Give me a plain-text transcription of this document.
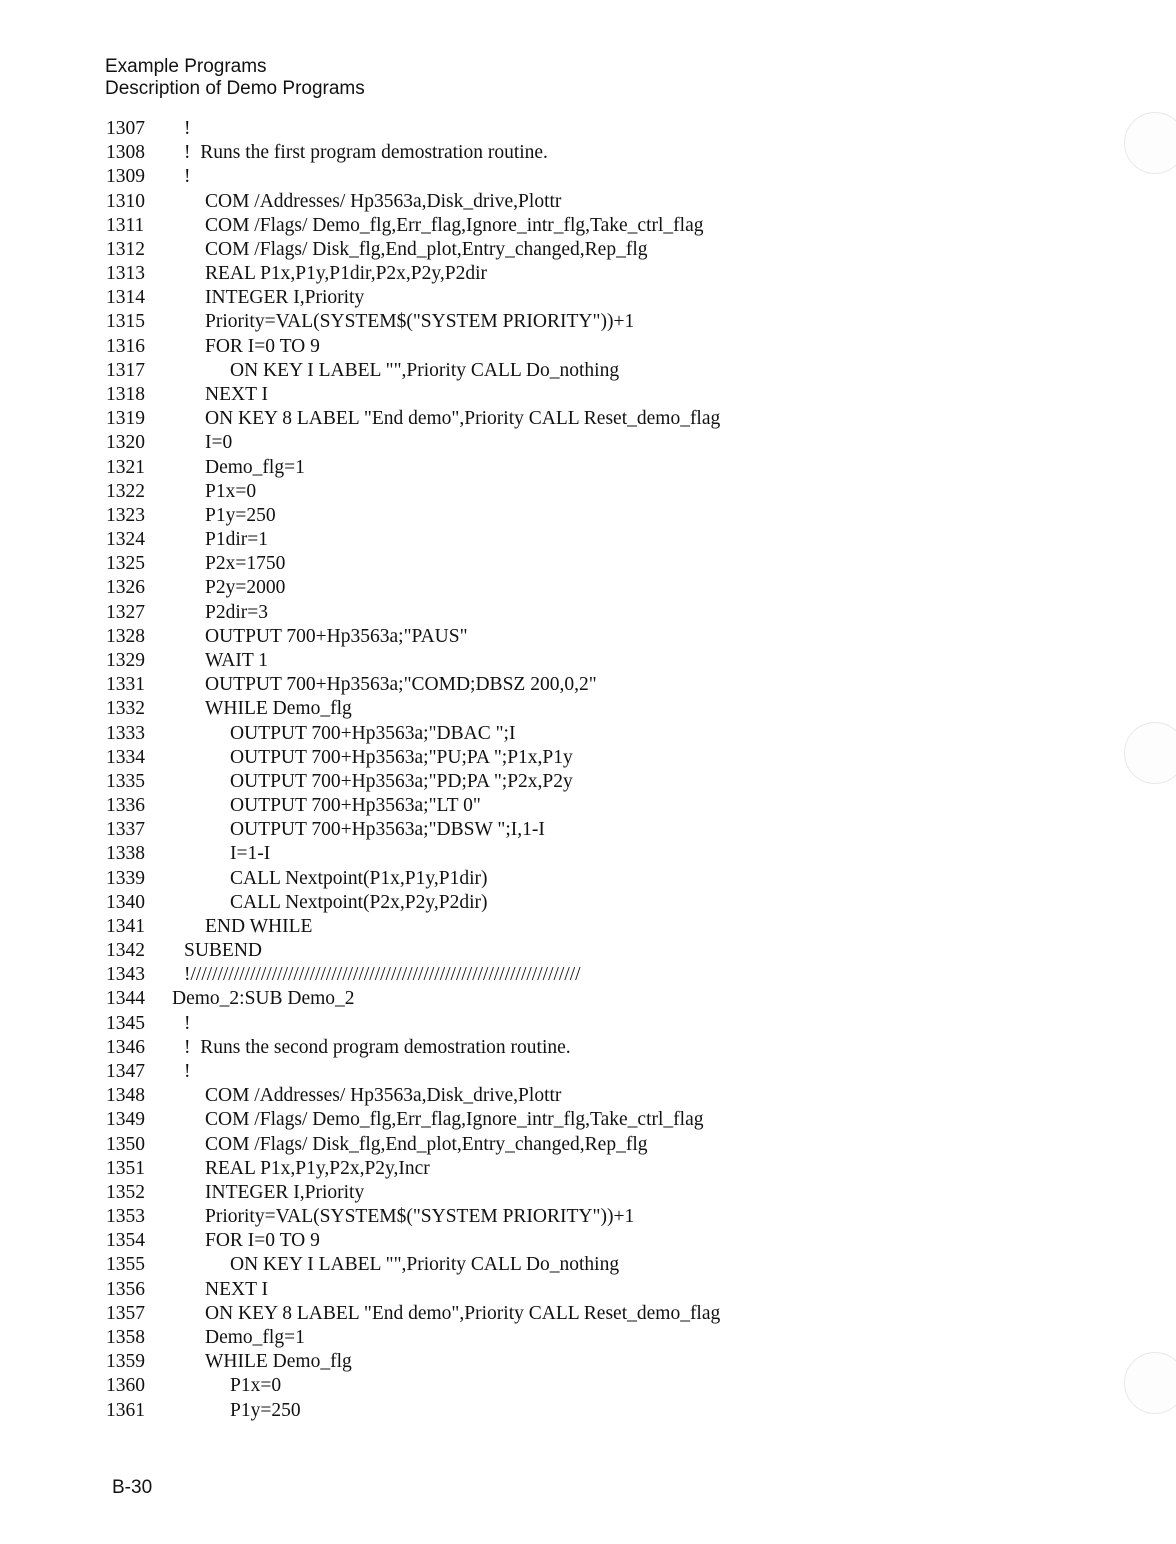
Example Programs
Description of Demo Programs
1307	!
1308	!  Runs the first program demostration routine.
1309	!
1310	COM /Addresses/ Hp3563a,Disk_drive,Plottr
1311	COM /Flags/ Demo_flg,Err_flag,Ignore_intr_flg,Take_ctrl_flag
1312	COM /Flags/ Disk_flg,End_plot,Entry_changed,Rep_flg
1313	REAL P1x,P1y,P1dir,P2x,P2y,P2dir
1314	INTEGER I,Priority
1315	Priority=VAL(SYSTEM$("SYSTEM PRIORITY"))+1
1316	FOR I=0 TO 9
1317	ON KEY I LABEL "",Priority CALL Do_nothing
1318	NEXT I
1319	ON KEY 8 LABEL "End demo",Priority CALL Reset_demo_flag
1320	I=0
1321	Demo_flg=1
1322	P1x=0
1323	P1y=250
1324	P1dir=1
1325	P2x=1750
1326	P2y=2000
1327	P2dir=3
1328	OUTPUT 700+Hp3563a;"PAUS"
1329	WAIT 1
1331	OUTPUT 700+Hp3563a;"COMD;DBSZ 200,0,2"
1332	WHILE Demo_flg
1333	OUTPUT 700+Hp3563a;"DBAC ";I
1334	OUTPUT 700+Hp3563a;"PU;PA ";P1x,P1y
1335	OUTPUT 700+Hp3563a;"PD;PA ";P2x,P2y
1336	OUTPUT 700+Hp3563a;"LT 0"
1337	OUTPUT 700+Hp3563a;"DBSW ";I,1-I
1338	I=1-I
1339	CALL Nextpoint(P1x,P1y,P1dir)
1340	CALL Nextpoint(P2x,P2y,P2dir)
1341	END WHILE
1342	SUBEND
1343	!////////////////////////////////////////////////////////////////////////
1344	Demo_2:SUB Demo_2
1345	!
1346	!  Runs the second program demostration routine.
1347	!
1348	COM /Addresses/ Hp3563a,Disk_drive,Plottr
1349	COM /Flags/ Demo_flg,Err_flag,Ignore_intr_flg,Take_ctrl_flag
1350	COM /Flags/ Disk_flg,End_plot,Entry_changed,Rep_flg
1351	REAL P1x,P1y,P2x,P2y,Incr
1352	INTEGER I,Priority
1353	Priority=VAL(SYSTEM$("SYSTEM PRIORITY"))+1
1354	FOR I=0 TO 9
1355	ON KEY I LABEL "",Priority CALL Do_nothing
1356	NEXT I
1357	ON KEY 8 LABEL "End demo",Priority CALL Reset_demo_flag
1358	Demo_flg=1
1359	WHILE Demo_flg
1360	P1x=0
1361	P1y=250
B-30
